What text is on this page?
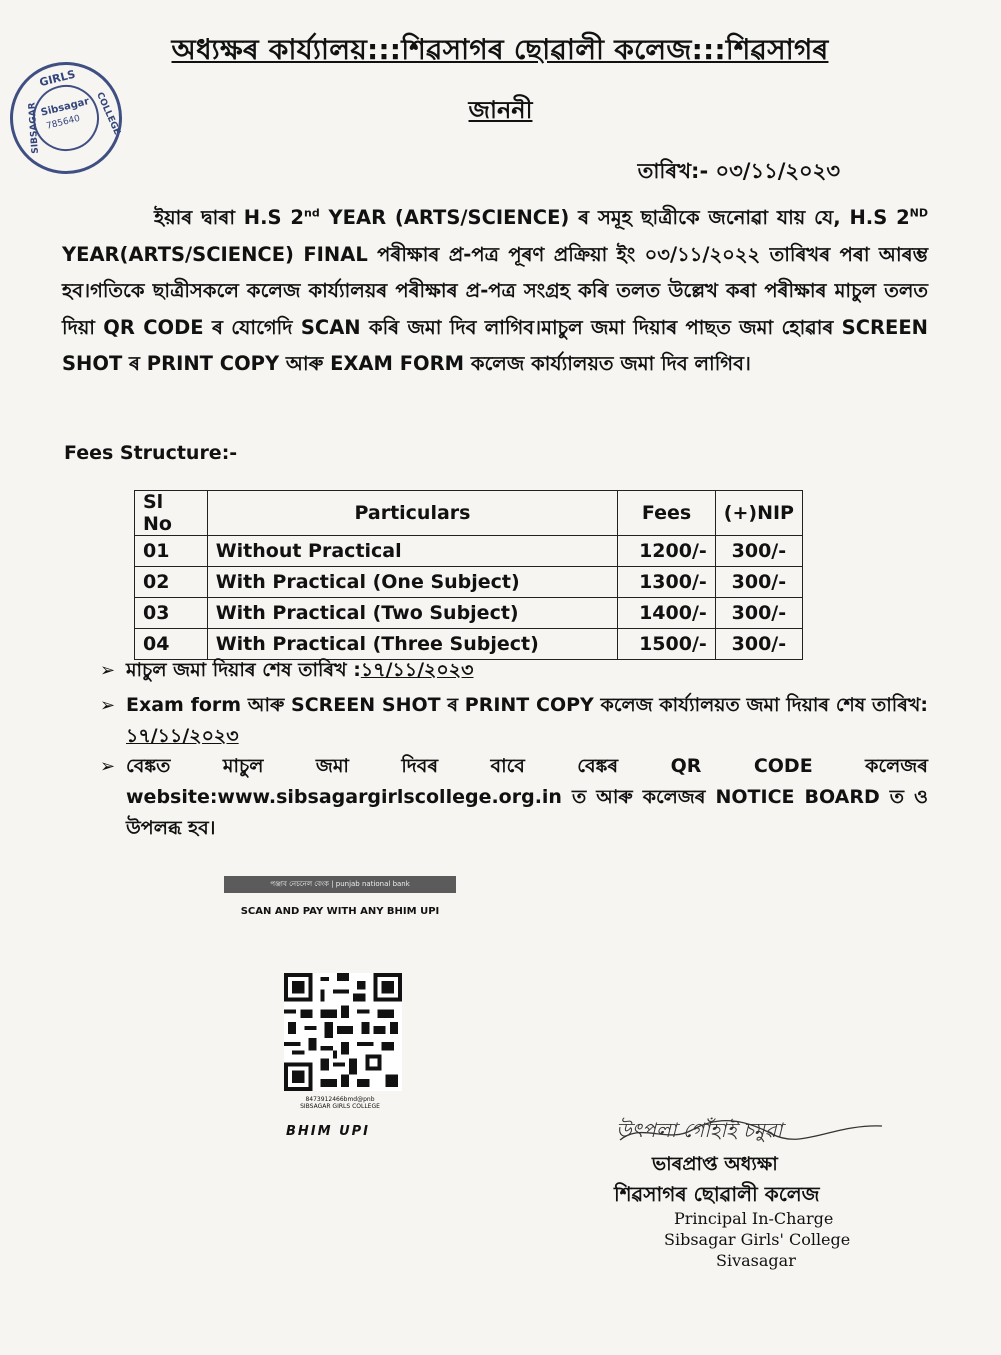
GIRLS
SIBSAGAR	COLLEGE
Sibsagar
785640
অধ্যক্ষৰ কাৰ্য্যালয়:::শিৱসাগৰ ছোৱালী কলেজ:::শিৱসাগৰ
জাননী
তাৰিখ:- ০৩/১১/২০২৩
ইয়াৰ দ্বাৰা H.S 2nd YEAR (ARTS/SCIENCE) ৰ সমূহ ছাত্ৰীকে জনোৱা যায় যে, H.S 2ND YEAR(ARTS/SCIENCE) FINAL পৰীক্ষাৰ প্ৰ-পত্ৰ পূৰণ প্ৰক্ৰিয়া ইং ০৩/১১/২০২২ তাৰিখৰ পৰা আৰম্ভ হব।গতিকে ছাত্ৰীসকলে কলেজ কাৰ্য্যালয়ৰ পৰীক্ষাৰ প্ৰ-পত্ৰ সংগ্ৰহ কৰি তলত উল্লেখ কৰা পৰীক্ষাৰ মাচুল তলত দিয়া QR CODE ৰ যোগেদি SCAN কৰি জমা দিব লাগিব।মাচুল জমা দিয়াৰ পাছত জমা হোৱাৰ SCREEN SHOT ৰ PRINT COPY আৰু EXAM FORM কলেজ কাৰ্য্যালয়ত জমা দিব লাগিব।
Fees Structure:-
Sl No	Particulars	Fees	(+)NIP
01	Without Practical	1200/-	300/-
02	With Practical (One Subject)	1300/-	300/-
03	With Practical (Two Subject)	1400/-	300/-
04	With Practical (Three Subject)	1500/-	300/-
➢ মাচুল জমা দিয়াৰ শেষ তাৰিখ :১৭/১১/২০২৩
➢ Exam form আৰু SCREEN SHOT ৰ PRINT COPY কলেজ কাৰ্য্যালয়ত জমা দিয়াৰ শেষ তাৰিখ: ১৭/১১/২০২৩
➢ বেঙ্কত	মাচুল	জমা	দিবৰ	বাবে	বেঙ্কৰ	QR	CODE	কলেজৰ
website:www.sibsagargirlscollege.org.in ত আৰু কলেজৰ NOTICE BOARD ত ও উপলব্ধ হব।
পঞ্জাব নেচনেল বেংক | punjab national bank
SCAN AND PAY WITH ANY BHIM UPI
8473912466bmd@pnb
SIBSAGAR GIRLS COLLEGE
BHIM UPI	উৎপলা গোঁহাই চমুৱা
ভাৰপ্ৰাপ্ত অধ্যক্ষা
শিৱসাগৰ ছোৱালী কলেজ
Principal In-Charge
Sibsagar Girls' College
Sivasagar
